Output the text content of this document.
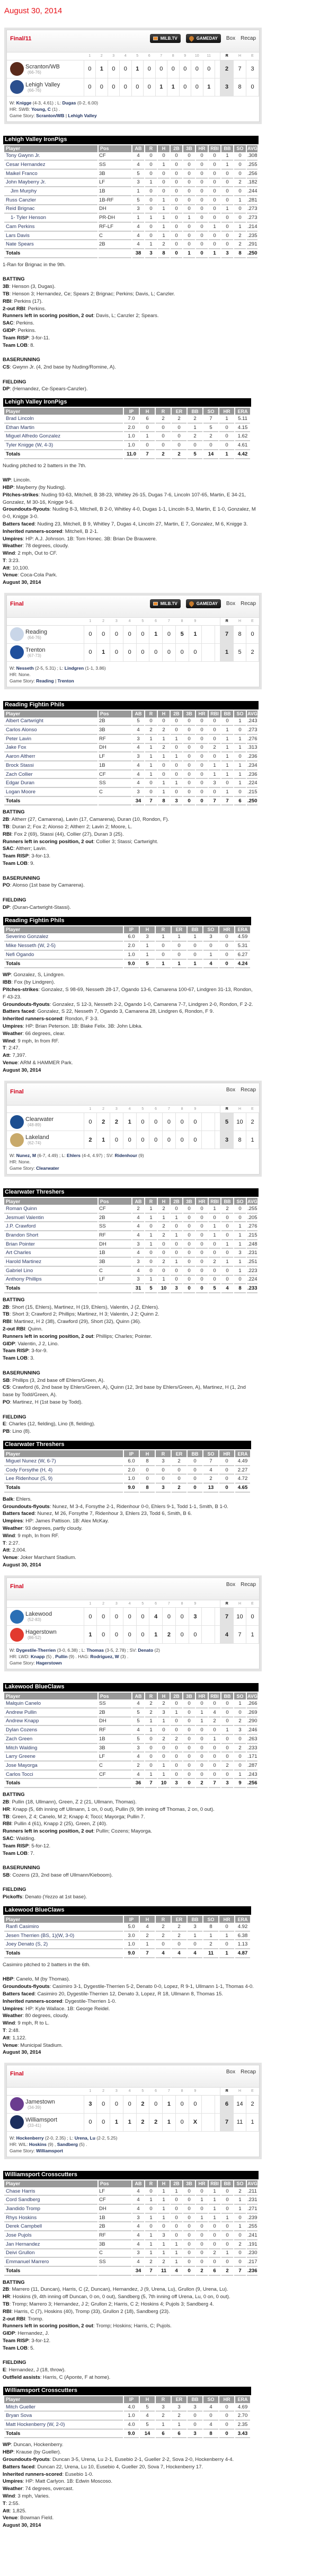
August 30, 2014
Final/11	MILB.TV	GAMEDAY Box Recap
	1	2	3	4	5	6	7	8	9	10	11		R	H	E

Scranton/WB
(66-76)	0	1	0	0	1	0	0	0	0	0	0		2	7	3

Lehigh Valley
(66-76)	0	0	0	0	0	0	1	1	0	0	1		3	8	0
W: Knigge (4-3, 4.61) ; L: Dugas (0-2, 6.00)
HR: SWB: Young, C (1) .
Game Story: Scranton/WB | Lehigh Valley
Lehigh Valley IronPigs
Player	Pos	AB	R	H	2B	3B	HR	RBI	BB	SO	AVG
Tony Gwynn Jr.	CF	4	0	0	0	0	0	0	1	0	.308
Cesar Hernandez	SS	4	0	1	0	0	0	0	1	0	.255
Maikel Franco	3B	5	0	0	0	0	0	0	0	0	.256
John Mayberry Jr.	LF	3	1	0	0	0	0	0	0	2	.182
Jim Murphy	1B	1	0	0	0	0	0	0	0	0	.244
Russ Canzler	1B-RF	5	0	1	0	0	0	0	0	1	.281
Reid Brignac	DH	3	0	1	0	0	0	0	1	0	.273
1- Tyler Henson	PR-DH	1	1	1	0	1	0	0	0	0	.273
Cam Perkins	RF-LF	4	0	1	0	0	0	1	0	1	.214
Lars Davis	C	4	0	1	0	0	0	0	0	2	.235
Nate Spears	2B	4	1	2	0	0	0	0	0	2	.291
Totals		38	3	8	0	1	0	1	3	8	.250
1-Ran for Brignac in the 9th.
BATTING
3B: Henson (3, Dugas).
TB: Henson 3; Hernandez, Ce; Spears 2; Brignac; Perkins; Davis, L; Canzler.
RBI: Perkins (17).
2-out RBI: Perkins.
Runners left in scoring position, 2 out: Davis, L; Canzler 2; Spears.
SAC: Perkins.
GIDP: Perkins.
Team RISP: 3-for-11.
Team LOB: 8.
BASERUNNING
CS: Gwynn Jr. (4, 2nd base by Nuding/Romine, A).
FIELDING
DP: (Hernandez, Ce-Spears-Canzler).
Lehigh Valley IronPigs
Player	IP	H	R	ER	BB	SO	HR	ERA
Brad Lincoln	7.0	6	2	2	2	7	1	5.11
Ethan Martin	2.0	0	0	0	1	5	0	4.15
Miguel Alfredo Gonzalez	1.0	1	0	0	2	2	0	1.62
Tyler Knigge (W, 4-3)	1.0	0	0	0	0	0	0	4.61
Totals	11.0	7	2	2	5	14	1	4.42
Nuding pitched to 2 batters in the 7th.
WP: Lincoln.
HBP: Mayberry (by Nuding).
Pitches-strikes: Nuding 93-63, Mitchell, B 38-23, Whitley 26-15, Dugas 7-6, Lincoln 107-65, Martin, E 34-21, Gonzalez, M 30-16, Knigge 9-6.
Groundouts-flyouts: Nuding 8-3, Mitchell, B 2-0, Whitley 4-0, Dugas 1-1, Lincoln 8-3, Martin, E 1-0, Gonzalez, M 0-0, Knigge 3-0.
Batters faced: Nuding 23, Mitchell, B 9, Whitley 7, Dugas 4, Lincoln 27, Martin, E 7, Gonzalez, M 6, Knigge 3.
Inherited runners-scored: Mitchell, B 2-1.
Umpires: HP: A.J. Johnson. 1B: Tom Honec. 3B: Brian De Brauwere.
Weather: 78 degrees, cloudy.
Wind: 2 mph, Out to CF.
T: 3:23.
Att: 10,100.
Venue: Coca-Cola Park.
August 30, 2014
Final	MILB.TV	GAMEDAY Box Recap
	1	2	3	4	5	6	7	8	9			R	H	E

Reading
(64-76)	0	0	0	0	0	1	0	5	1			7	8	0

Trenton
(67-73)	0	1	0	0	0	0	0	0	0			1	5	2
W: Nesseth (2-5, 5.31) ; L: Lindgren (1-1, 3.86)
HR: None.
Game Story: Reading | Trenton
Reading Fightin Phils
Player	Pos	AB	R	H	2B	3B	HR	RBI	BB	SO	AVG
Albert Cartwright	2B	5	0	0	0	0	0	0	0	1	.243
Carlos Alonso	3B	4	2	2	0	0	0	0	1	0	.273
Peter Lavin	RF	3	1	1	1	0	0	0	1	1	.276
Jake Fox	DH	4	1	2	0	0	0	2	1	1	.313
Aaron Altherr	LF	3	1	1	1	0	0	0	1	0	.236
Brock Stassi	1B	4	1	0	0	0	0	1	1	1	.234
Zach Collier	CF	4	1	0	0	0	0	1	1	1	.236
Edgar Duran	SS	4	0	1	1	0	0	3	0	1	.224
Logan Moore	C	3	0	1	0	0	0	0	1	0	.215
Totals		34	7	8	3	0	0	7	7	6	.250
BATTING
2B: Altherr (27, Camarena), Lavin (17, Camarena), Duran (10, Rondon, F).
TB: Duran 2; Fox 2; Alonso 2; Altherr 2; Lavin 2; Moore, L.
RBI: Fox 2 (69), Stassi (44), Collier (27), Duran 3 (25).
Runners left in scoring position, 2 out: Collier 3; Stassi; Cartwright.
SAC: Altherr; Lavin.
Team RISP: 3-for-13.
Team LOB: 9.
BASERUNNING
PO: Alonso (1st base by Camarena).
FIELDING
DP: (Duran-Cartwright-Stassi).
Reading Fightin Phils
Player	IP	H	R	ER	BB	SO	HR	ERA
Severino Gonzalez	6.0	3	1	1	1	3	0	4.59
Mike Nesseth (W, 2-5)	2.0	1	0	0	0	0	0	5.31
Nefi Ogando	1.0	1	0	0	0	1	0	6.27
Totals	9.0	5	1	1	1	4	0	4.24
WP: Gonzalez, S, Lindgren.
IBB: Fox (by Lindgren).
Pitches-strikes: Gonzalez, S 98-69, Nesseth 28-17, Ogando 13-6, Camarena 100-67, Lindgren 31-13, Rondon, F 43-23.
Groundouts-flyouts: Gonzalez, S 12-3, Nesseth 2-2, Ogando 1-0, Camarena 7-7, Lindgren 2-0, Rondon, F 2-2.
Batters faced: Gonzalez, S 22, Nesseth 7, Ogando 3, Camarena 28, Lindgren 6, Rondon, F 9.
Inherited runners-scored: Rondon, F 3-3.
Umpires: HP: Brian Peterson. 1B: Blake Felix. 3B: John Libka.
Weather: 66 degrees, clear.
Wind: 9 mph, In from RF.
T: 2:47.
Att: 7,397.
Venue: ARM & HAMMER Park.
August 30, 2014
Final	Box Recap
	1	2	3	4	5	6	7	8	9			R	H	E

Clearwater
(48-89)	0	2	2	1	0	0	0	0	0			5	10	2

Lakeland
(62-74)	2	1	0	0	0	0	0	0	0			3	8	1
W: Nunez, M (6-7, 4.49) ; L: Ehlers (4-4, 4.97) ; SV: Ridenhour (9)
HR: None.
Game Story: Clearwater
Clearwater Threshers
Player	Pos	AB	R	H	2B	3B	HR	RBI	BB	SO	AVG
Roman Quinn	CF	2	1	2	0	0	0	1	2	0	.255
Jesmuel Valentin	2B	4	1	1	1	0	0	0	0	0	.205
J.P. Crawford	SS	4	0	2	0	0	0	1	0	1	.276
Brandon Short	RF	4	1	2	1	0	0	1	0	1	.215
Brian Pointer	DH	3	1	0	0	0	0	0	1	1	.248
Art Charles	1B	4	0	0	0	0	0	0	0	3	.231
Harold Martinez	3B	3	0	2	1	0	0	2	1	1	.251
Gabriel Lino	C	4	0	0	0	0	0	0	0	1	.223
Anthony Phillips	LF	3	1	1	0	0	0	0	0	0	.224
Totals		31	5	10	3	0	0	5	4	8	.233
BATTING
2B: Short (15, Ehlers), Martinez, H (19, Ehlers), Valentin, J (2, Ehlers).
TB: Short 3; Crawford 2; Phillips; Martinez, H 3; Valentin, J 2; Quinn 2.
RBI: Martinez, H 2 (38), Crawford (29), Short (32), Quinn (36).
2-out RBI: Quinn.
Runners left in scoring position, 2 out: Phillips; Charles; Pointer.
GIDP: Valentin, J 2, Lino.
Team RISP: 3-for-9.
Team LOB: 3.
BASERUNNING
SB: Phillips (3, 2nd base off Ehlers/Green, A).
CS: Crawford (6, 2nd base by Ehlers/Green, A), Quinn (12, 3rd base by Ehlers/Green, A), Martinez, H (1, 2nd base by Todd/Green, A).
PO: Martinez, H (1st base by Todd).
FIELDING
E: Charles (12, fielding), Lino (8, fielding).
PB: Lino (8).
Clearwater Threshers
Player	IP	H	R	ER	BB	SO	HR	ERA
Miguel Nunez (W, 6-7)	6.0	8	3	2	0	7	0	4.49
Cody Forsythe (H, 4)	2.0	0	0	0	0	4	0	2.27
Lee Ridenhour (S, 9)	1.0	0	0	0	0	2	0	4.72
Totals	9.0	8	3	2	0	13	0	4.65
Balk: Ehlers.
Groundouts-flyouts: Nunez, M 3-4, Forsythe 2-1, Ridenhour 0-0, Ehlers 9-1, Todd 1-1, Smith, B 1-0.
Batters faced: Nunez, M 26, Forsythe 7, Ridenhour 3, Ehlers 23, Todd 6, Smith, B 6.
Umpires: HP: James Pattison. 1B: Alex McKay.
Weather: 93 degrees, partly cloudy.
Wind: 9 mph, In from RF.
T: 2:27.
Att: 2,004.
Venue: Joker Marchant Stadium.
August 30, 2014
Final	Box Recap
	1	2	3	4	5	6	7	8	9			R	H	E

Lakewood
(52-83)	0	0	0	0	0	4	0	0	3			7	10	0

Hagerstown
(86-52)	1	0	0	0	0	1	2	0	0			4	7	1
W: Dygestile-Therrien (3-0, 6.38) ; L: Thomas (3-5, 2.78) ; SV: Denato (2)
HR: LWD: Knapp (5) , Pullin (9) . HAG: Rodriguez, W (3) .
Game Story: Hagerstown
Lakewood BlueClaws
Player	Pos	AB	R	H	2B	3B	HR	RBI	BB	SO	AVG
Malquin Canelo	SS	4	2	2	0	0	0	0	0	1	.266
Andrew Pullin	2B	5	2	3	1	0	1	4	0	0	.269
Andrew Knapp	DH	5	1	1	0	0	1	2	0	2	.290
Dylan Cozens	RF	4	1	0	0	0	0	0	1	3	.246
Zach Green	1B	5	0	2	2	0	0	1	0	0	.263
Mitch Walding	3B	3	0	0	0	0	0	0	0	2	.233
Larry Greene	LF	4	0	0	0	0	0	0	0	0	.171
Jose Mayorga	C	2	0	1	0	0	0	0	2	0	.287
Carlos Tocci	CF	4	1	1	0	0	0	0	0	1	.243
Totals		36	7	10	3	0	2	7	3	9	.256
BATTING
2B: Pullin (18, Ullmann), Green, Z 2 (21, Ullmann, Thomas).
HR: Knapp (5, 6th inning off Ullmann, 1 on, 0 out), Pullin (9, 9th inning off Thomas, 2 on, 0 out).
TB: Green, Z 4; Canelo, M 2; Knapp 4; Tocci; Mayorga; Pullin 7.
RBI: Pullin 4 (61), Knapp 2 (25), Green, Z (40).
Runners left in scoring position, 2 out: Pullin; Cozens; Mayorga.
SAC: Walding.
Team RISP: 5-for-12.
Team LOB: 7.
BASERUNNING
SB: Cozens (23, 2nd base off Ullmann/Kieboom).
FIELDING
Pickoffs: Denato (Yezzo at 1st base).
Lakewood BlueClaws
Player	IP	H	R	ER	BB	SO	HR	ERA
Ranfi Casimiro	5.0	4	2	2	3	8	0	4.92
Jesen Therrien (BS, 1)(W, 3-0)	3.0	2	2	2	1	1	1	6.38
Joey Denato (S, 2)	1.0	1	0	0	0	2	0	1.13
Totals	9.0	7	4	4	4	11	1	4.87
Casimiro pitched to 2 batters in the 6th.
HBP: Canelo, M (by Thomas).
Groundouts-flyouts: Casimiro 3-1, Dygestile-Therrien 5-2, Denato 0-0, Lopez, R 9-1, Ullmann 1-1, Thomas 4-0.
Batters faced: Casimiro 20, Dygestile-Therrien 12, Denato 3, Lopez, R 18, Ullmann 8, Thomas 15.
Inherited runners-scored: Dygestile-Therrien 1-0.
Umpires: HP: Kyle Wallace. 1B: George Reidel.
Weather: 80 degrees, cloudy.
Wind: 9 mph, R to L.
T: 2:48.
Att: 1,122.
Venue: Municipal Stadium.
August 30, 2014
Final	Box Recap
	1	2	3	4	5	6	7	8	9			R	H	E

Jamestown
(34-39)	3	0	0	0	2	0	1	0	0			6	14	2

Williamsport
(33-41)	0	0	1	1	2	2	1	0	X			7	11	1
W: Hockenberry (2-0, 2.35) ; L: Urena, Lu (2-2, 5.25)
HR: WIL: Hoskins (9) , Sandberg (5) .
Game Story: Williamsport
Williamsport Crosscutters
Player	Pos	AB	R	H	2B	3B	HR	RBI	BB	SO	AVG
Chase Harris	LF	4	0	1	1	0	0	1	0	2	.211
Cord Sandberg	CF	4	1	1	0	0	1	1	0	1	.231
Jiandido Tromp	DH	4	0	1	0	0	0	1	0	1	.271
Rhys Hoskins	1B	3	1	1	0	0	1	1	1	0	.239
Derek Campbell	2B	4	0	0	0	0	0	0	0	1	.255
Jose Pujols	RF	4	1	3	0	0	0	0	0	0	.241
Jan Hernandez	3B	4	1	1	1	0	0	0	0	2	.191
Deivi Grullon	C	3	1	1	1	0	0	2	1	0	.230
Emmanuel Marrero	SS	4	2	2	1	0	0	0	0	0	.217
Totals		34	7	11	4	0	2	6	2	7	.236
BATTING
2B: Marrero (11, Duncan), Harris, C (2, Duncan), Hernandez, J (9, Urena, Lu), Grullon (9, Urena, Lu).
HR: Hoskins (9, 4th inning off Duncan, 0 on, 0 out), Sandberg (5, 7th inning off Urena, Lu, 0 on, 0 out).
TB: Tromp; Marrero 3; Hernandez, J 2; Grullon 2; Harris, C 2; Hoskins 4; Pujols 3; Sandberg 4.
RBI: Harris, C (7), Hoskins (40), Tromp (33), Grullon 2 (18), Sandberg (23).
2-out RBI: Tromp.
Runners left in scoring position, 2 out: Tromp; Hoskins; Harris, C; Pujols.
GIDP: Hernandez, J.
Team RISP: 3-for-12.
Team LOB: 5.
FIELDING
E: Hernandez, J (18, throw).
Outfield assists: Harris, C (Aponte, F at home).
Williamsport Crosscutters
Player	IP	H	R	ER	BB	SO	HR	ERA
Mitch Gueller	4.0	5	3	3	3	4	0	4.69
Bryan Sova	1.0	4	2	2	0	0	0	2.70
Matt Hockenberry (W, 2-0)	4.0	5	1	1	0	4	0	2.35
Totals	9.0	14	6	6	3	8	0	3.43
WP: Duncan, Hockenberry.
HBP: Krause (by Gueller).
Groundouts-flyouts: Duncan 3-5, Urena, Lu 2-1, Eusebio 2-1, Gueller 2-2, Sova 2-0, Hockenberry 4-4.
Batters faced: Duncan 22, Urena, Lu 10, Eusebio 4, Gueller 20, Sova 7, Hockenberry 17.
Inherited runners-scored: Eusebio 1-0.
Umpires: HP: Matt Carlyon. 1B: Edwin Moscoso.
Weather: 74 degrees, overcast.
Wind: 3 mph, Varies.
T: 2:55.
Att: 1,825.
Venue: Bowman Field.
August 30, 2014
